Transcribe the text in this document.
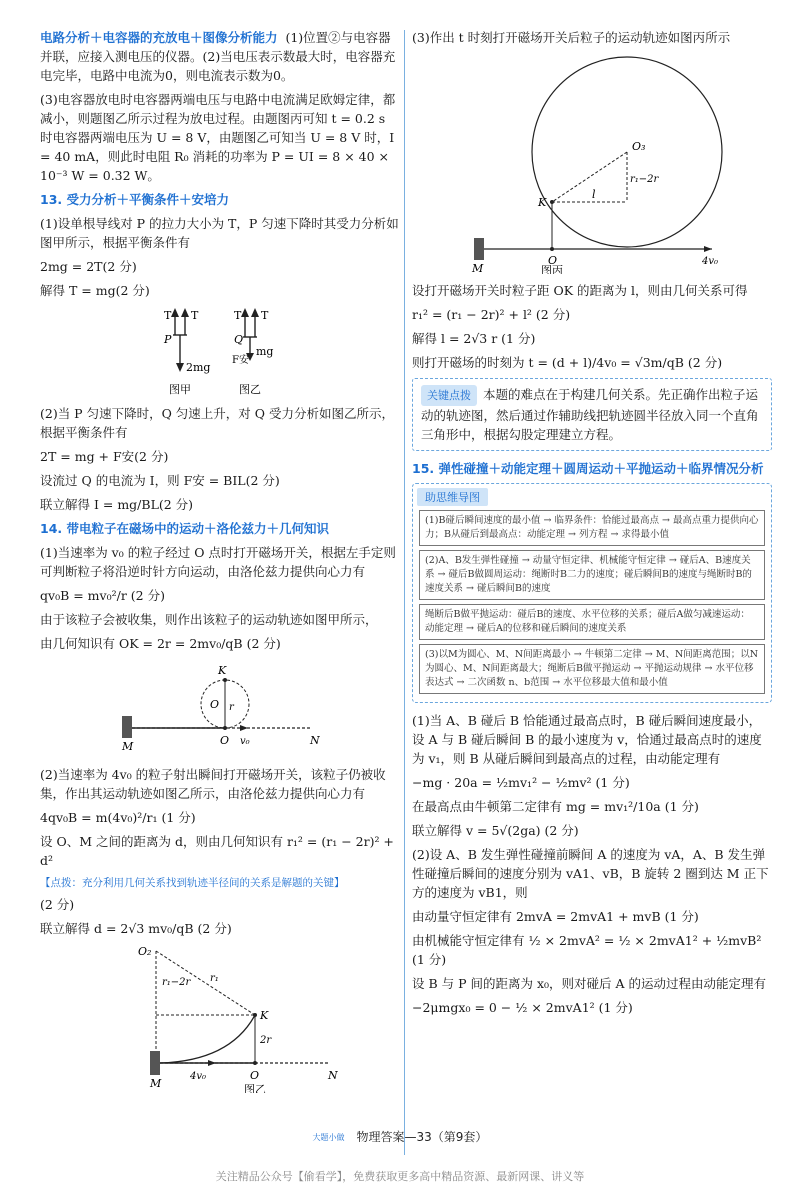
电路分析＋电容器的充放电＋图像分析能力 (1)位置②与电容器并联，应接入测电压的仪器。(2)当电压表示数最大时，电容器充电完毕，电路中电流为0，则电流表示数为0。

(3)电容器放电时电容器两端电压与电路中电流满足欧姆定律，都减小，则题图乙所示过程为放电过程。由题图丙可知 t = 0.2 s 时电容器两端电压为 U = 8 V，由题图乙可知当 U = 8 V 时，I = 40 mA，则此时电阻 R₀ 消耗的功率为 P = UI = 8 × 40 × 10⁻³ W = 0.32 W。

13. 受力分析＋平衡条件＋安培力

(1)设单根导线对 P 的拉力大小为 T，P 匀速下降时其受力分析如图甲所示，根据平衡条件有

2mg = 2T(2 分)

解得 T = mg(2 分)

T T
P
2mg
图甲
T T
Q
F安
mg
图乙

(2)当 P 匀速下降时，Q 匀速上升，对 Q 受力分析如图乙所示，根据平衡条件有

2T = mg + F安(2 分)

设流过 Q 的电流为 I，则 F安 = BIL(2 分)

联立解得 I = mg/BL(2 分)

14. 带电粒子在磁场中的运动＋洛伦兹力＋几何知识

(1)当速率为 v₀ 的粒子经过 O 点时打开磁场开关，根据左手定则可判断粒子将沿逆时针方向运动，由洛伦兹力提供向心力有

qv₀B = mv₀²/r (2 分)

由于该粒子会被收集，则作出该粒子的运动轨迹如图甲所示，

由几何知识有 OK = 2r = 2mv₀/qB (2 分)

K
O r
M	O v₀	N

(2)当速率为 4v₀ 的粒子射出瞬间打开磁场开关，该粒子仍被收集，作出其运动轨迹如图乙所示，由洛伦兹力提供向心力有

4qv₀B = m(4v₀)²/r₁ (1 分)

设 O、M 之间的距离为 d，则由几何知识有 r₁² = (r₁ − 2r)² + d²

【点拨：充分利用几何关系找到轨迹半径间的关系是解题的关键】

(2 分)

联立解得 d = 2√3 mv₀/qB (2 分)

O₂
r₁−2r r₁
K
2r
M
4v₀	O	N
图乙

(3)作出 t 时刻打开磁场开关后粒子的运动轨迹如图丙所示

O₃
r₁−2r
K
l
M
O	4v₀
图丙

设打开磁场开关时粒子距 OK 的距离为 l，则由几何关系可得

r₁² = (r₁ − 2r)² + l² (2 分)

解得 l = 2√3 r (1 分)

则打开磁场的时刻为 t = (d + l)/4v₀ = √3m/qB (2 分)

关键点拨 本题的难点在于构建几何关系。先正确作出粒子运动的轨迹图，然后通过作辅助线把轨迹圆半径放入同一个直角三角形中，根据勾股定理建立方程。

15. 弹性碰撞＋动能定理＋圆周运动＋平抛运动＋临界情况分析

助思维导图
(1)B碰后瞬间速度的最小值 → 临界条件：恰能过最高点 → 最高点重力提供向心力；B从碰后到最高点：动能定理 → 列方程 → 求得最小值
(2)A、B发生弹性碰撞 → 动量守恒定律、机械能守恒定律 → 碰后A、B速度关系 → 碰后B做圆周运动：绳断时B二力的速度；碰后瞬间B的速度与绳断时B的速度关系 → 碰后瞬间B的速度
绳断后B做平抛运动：碰后B的速度、水平位移的关系；碰后A做匀减速运动：动能定理 → 碰后A的位移和碰后瞬间的速度关系
(3)以M为圆心、M、N间距离最小 → 牛顿第二定律 → M、N间距离范围；以N为圆心、M、N间距离最大；绳断后B做平抛运动 → 平抛运动规律 → 水平位移表达式 → 二次函数 n、b范围 → 水平位移最大值和最小值

(1)当 A、B 碰后 B 恰能通过最高点时，B 碰后瞬间速度最小，设 A 与 B 碰后瞬间 B 的最小速度为 v，恰通过最高点时的速度为 v₁，则 B 从碰后瞬间到最高点的过程，由动能定理有

−mg · 20a = ½mv₁² − ½mv² (1 分)

在最高点由牛顿第二定律有 mg = mv₁²/10a (1 分)

联立解得 v = 5√(2ga) (2 分)

(2)设 A、B 发生弹性碰撞前瞬间 A 的速度为 vA，A、B 发生弹性碰撞后瞬间的速度分别为 vA1、vB，B 旋转 2 圈到达 M 正下方的速度为 vB1，则

由动量守恒定律有 2mvA = 2mvA1 + mvB (1 分)

由机械能守恒定律有 ½ × 2mvA² = ½ × 2mvA1² + ½mvB² (1 分)

设 B 与 P 间的距离为 x₀，则对碰后 A 的运动过程由动能定理有

−2μmgx₀ = 0 − ½ × 2mvA1² (1 分)

大题小做 物理答案—33（第9套）
关注精品公众号【偷看学】，免费获取更多高中精品资源、最新网课、讲义等
